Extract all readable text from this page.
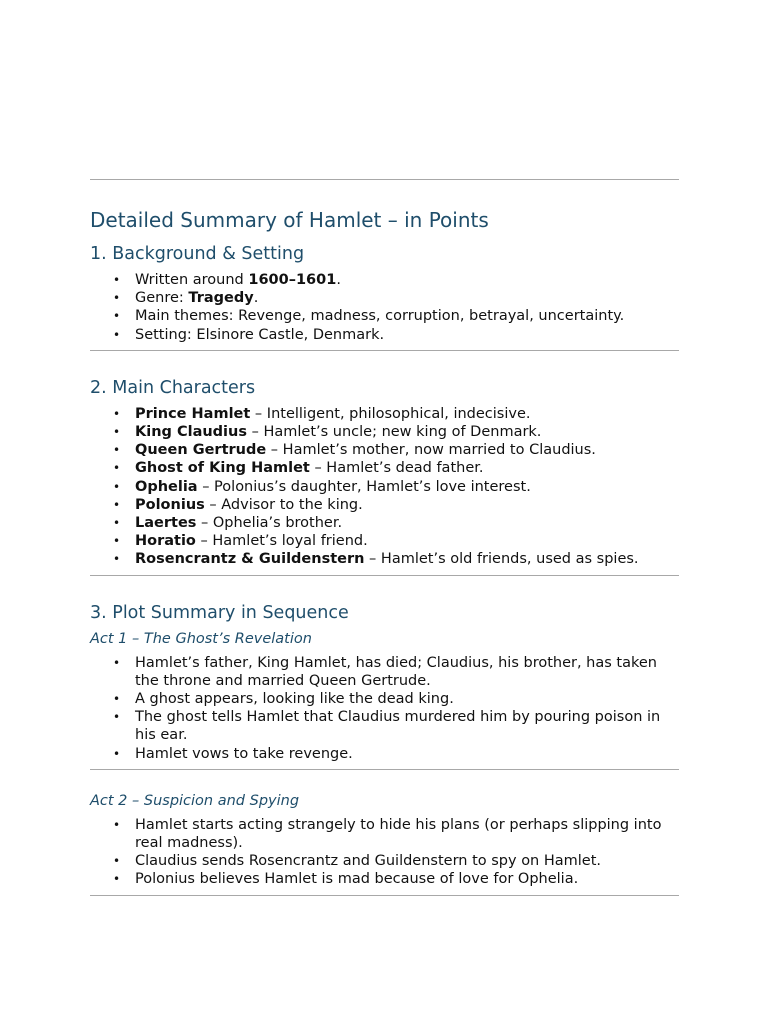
Detailed Summary of Hamlet – in Points
1. Background & Setting
• Written around 1600–1601.
• Genre: Tragedy.
• Main themes: Revenge, madness, corruption, betrayal, uncertainty.
• Setting: Elsinore Castle, Denmark.
2. Main Characters
• Prince Hamlet – Intelligent, philosophical, indecisive.
• King Claudius – Hamlet’s uncle; new king of Denmark.
• Queen Gertrude – Hamlet’s mother, now married to Claudius.
• Ghost of King Hamlet – Hamlet’s dead father.
• Ophelia – Polonius’s daughter, Hamlet’s love interest.
• Polonius – Advisor to the king.
• Laertes – Ophelia’s brother.
• Horatio – Hamlet’s loyal friend.
• Rosencrantz & Guildenstern – Hamlet’s old friends, used as spies.
3. Plot Summary in Sequence
Act 1 – The Ghost’s Revelation
• Hamlet’s father, King Hamlet, has died; Claudius, his brother, has taken the throne and married Queen Gertrude.
• A ghost appears, looking like the dead king.
• The ghost tells Hamlet that Claudius murdered him by pouring poison in his ear.
• Hamlet vows to take revenge.
Act 2 – Suspicion and Spying
• Hamlet starts acting strangely to hide his plans (or perhaps slipping into real madness).
• Claudius sends Rosencrantz and Guildenstern to spy on Hamlet.
• Polonius believes Hamlet is mad because of love for Ophelia.
